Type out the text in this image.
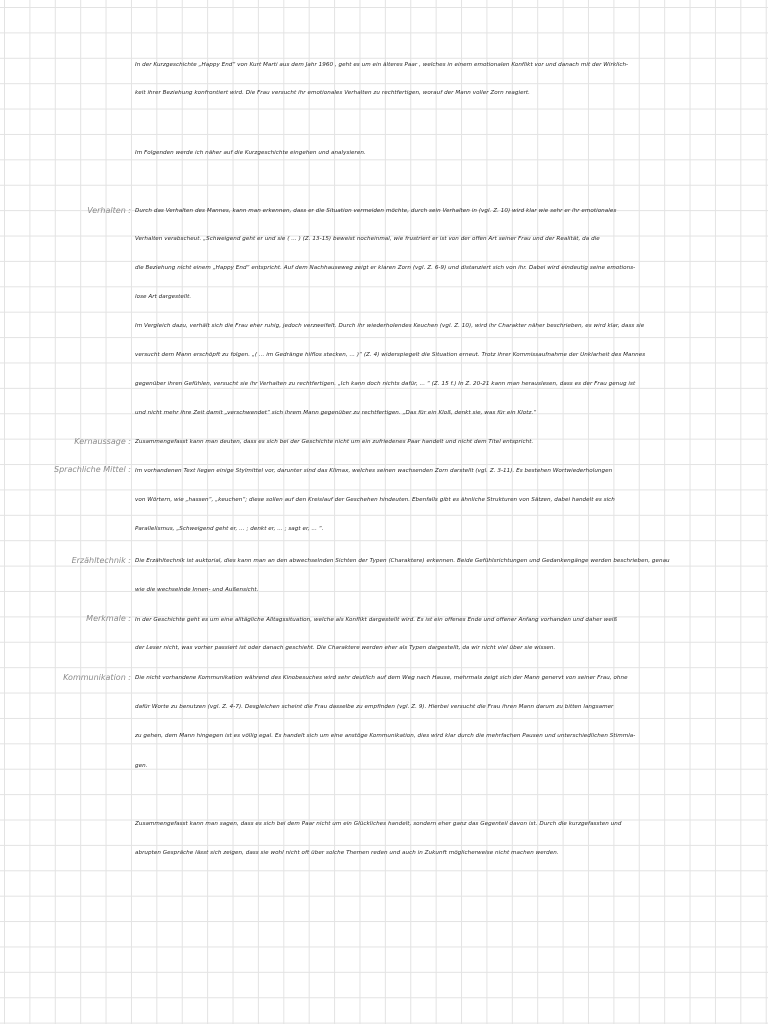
In der Kurzgeschichte „Happy End“ von Kurt Marti aus dem Jahr 1960 , geht es um ein älteres Paar , welches in einem emotionalen Konflikt vor und danach mit der Wirklich-
keit ihrer Beziehung konfrontiert wird. Die Frau versucht ihr emotionales Verhalten zu rechtfertigen, worauf der Mann voller Zorn reagiert.
Im Folgenden werde ich näher auf die Kurzgeschichte eingehen und analysieren.
Verhalten : Durch das Verhalten des Mannes, kann man erkennen, dass er die Situation vermeiden möchte, durch sein Verhalten in (vgl. Z. 10) wird klar wie sehr er ihr emotionales
Verhalten verabscheut. „Schweigend geht er und sie ( ... ) (Z. 13-15) beweist nocheinmal, wie frustriert er ist von der offen Art seiner Frau und der Realität, da die
die Beziehung nicht einem „Happy End“ entspricht. Auf dem Nachhauseweg zeigt er klaren Zorn (vgl. Z. 6-9) und distanziert sich von ihr. Dabei wird eindeutig seine emotions-
lose Art dargestellt.
Im Vergleich dazu, verhält sich die Frau eher ruhig, jedoch verzweifelt. Durch ihr wiederholendes Keuchen (vgl. Z. 10), wird ihr Charakter näher beschrieben, es wird klar, dass sie
versucht dem Mann erschöpft zu folgen. „( ... im Gedränge hilflos stecken, ... )“ (Z. 4) widerspiegelt die Situation erneut. Trotz ihrer Kommissaufnahme der Unklarheit des Mannes
gegenüber ihren Gefühlen, versucht sie ihr Verhalten zu rechtfertigen. „Ich kann doch nichts dafür, ... “ (Z. 15 f.) In Z. 20-21 kann man herauslesen, dass es der Frau genug ist
und nicht mehr ihre Zeit damit „verschwendet“ sich ihrem Mann gegenüber zu rechtfertigen. „Das für ein Kloß, denkt sie, was für ein Klotz.“
Kernaussage : Zusammengefasst kann man deuten, dass es sich bei der Geschichte nicht um ein zufriedenes Paar handelt und nicht dem Titel entspricht.
Sprachliche Mittel : Im vorhandenen Text liegen einige Stylmittel vor, darunter sind das Klimax, welches seinen wachsenden Zorn darstellt (vgl. Z. 3-11). Es bestehen Wortwiederholungen
von Wörtern, wie „hassen“, „keuchen“; diese sollen auf den Kreislauf der Geschehen hindeuten. Ebenfalls gibt es ähnliche Strukturen von Sätzen, dabei handelt es sich
Parallelismus, „Schweigend geht er, ... ; denkt er, ... ; sagt er, ... “.
Erzähltechnik : Die Erzähltechnik ist auktorial, dies kann man an den abwechselnden Sichten der Typen (Charaktere) erkennen. Beide Gefühlsrichtungen und Gedankengänge werden beschrieben, genau
wie die wechselnde Innen- und Außensicht.
Merkmale : In der Geschichte geht es um eine alltägliche Alltagssituation, welche als Konflikt dargestellt wird. Es ist ein offenes Ende und offener Anfang vorhanden und daher weiß
der Leser nicht, was vorher passiert ist oder danach geschieht. Die Charaktere werden eher als Typen dargestellt, da wir nicht viel über sie wissen.
Kommunikation : Die nicht vorhandene Kommunikation während des Kinobesuches wird sehr deutlich auf dem Weg nach Hause, mehrmals zeigt sich der Mann genervt von seiner Frau, ohne
dafür Worte zu benutzen (vgl. Z. 4-7). Desgleichen scheint die Frau dasselbe zu empfinden (vgl. Z. 9). Hierbei versucht die Frau ihren Mann darum zu bitten langsamer
zu gehen, dem Mann hingegen ist es völlig egal. Es handelt sich um eine anstöge Kommunikation, dies wird klar durch die mehrfachen Pausen und unterschiedlichen Stimmla-
gen.
Zusammengefasst kann man sagen, dass es sich bei dem Paar nicht um ein Glückliches handelt, sondern eher ganz das Gegenteil davon ist. Durch die kurzgefassten und
abrupten Gespräche lässt sich zeigen, dass sie wohl nicht oft über solche Themen reden und auch in Zukunft möglicherweise nicht machen werden.
